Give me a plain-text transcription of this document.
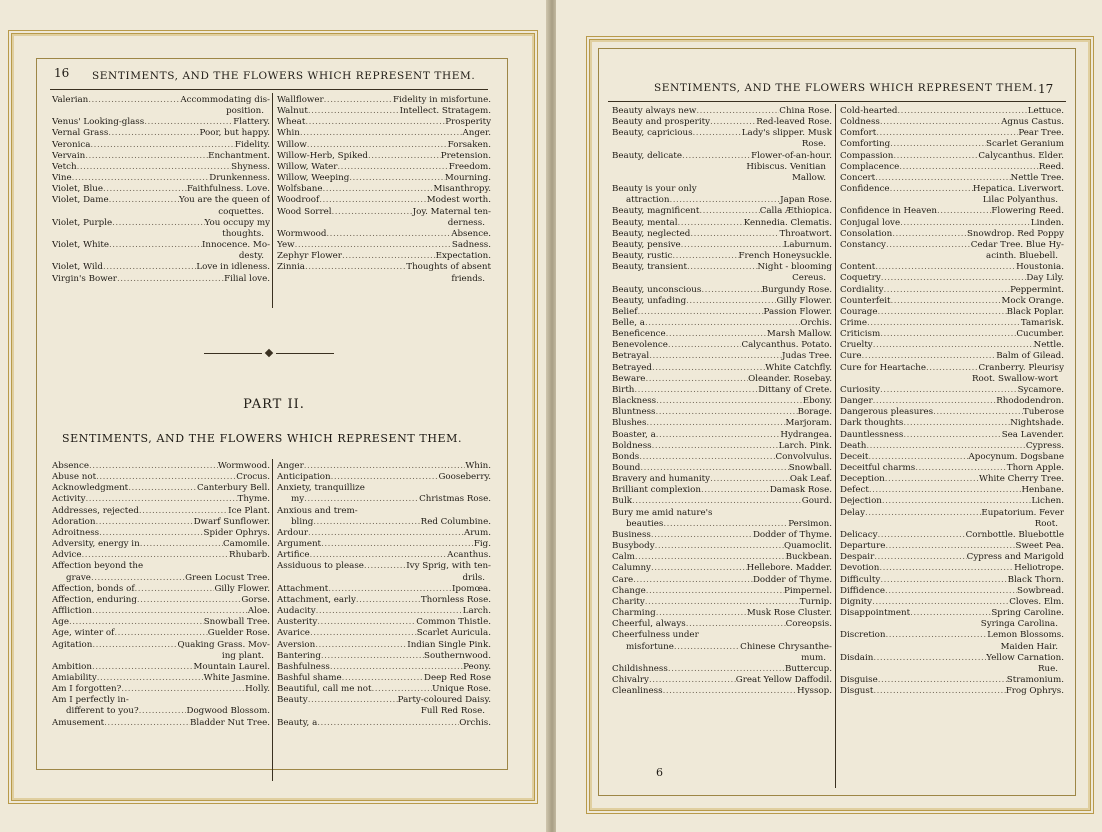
16 SENTIMENTS, AND THE FLOWERS WHICH REPRESENT THEM.
Valerian .....	Accommodating dis-
position.
Venus' Looking-glass .....	Flattery.
Vernal Grass .....	Poor, but happy.
Veronica .....	Fidelity.
Vervain .....	Enchantment.
Vetch .....	Shyness.
Vine .....	Drunkenness.
Violet, Blue .....	Faithfulness. Love.
Violet, Dame .....	You are the queen of
coquettes.
Violet, Purple .....	You occupy my
thoughts.
Violet, White .....	Innocence. Mo-
desty.
Violet, Wild .....	Love in idleness.
Virgin's Bower .....	Filial love.
Wallflower .....	Fidelity in misfortune.
Walnut .....	Intellect. Stratagem.
Wheat .....	Prosperity
Whin .....	Anger.
Willow .....	Forsaken.
Willow-Herb, Spiked .....	Pretension.
Willow, Water .....	Freedom.
Willow, Weeping .....	Mourning.
Wolfsbane .....	Misanthropy.
Woodroof .....	Modest worth.
Wood Sorrel .....	Joy. Maternal ten-
derness.
Wormwood .....	Absence.
Yew .....	Sadness.
Zephyr Flower .....	Expectation.
Zinnia .....	Thoughts of absent
friends.
PART II.
SENTIMENTS, AND THE FLOWERS WHICH REPRESENT THEM.
Absence .....	Wormwood.
Abuse not .....	Crocus.
Acknowledgment .....	Canterbury Bell.
Activity .....	Thyme.
Addresses, rejected .....	Ice Plant.
Adoration .....	Dwarf Sunflower.
Adroitness .....	Spider Ophrys.
Adversity, energy in .....	Camomile.
Advice .....	Rhubarb.
Affection beyond the
grave .....	Green Locust Tree.
Affection, bonds of .....	Gilly Flower.
Affection, enduring .....	Gorse.
Affliction .....	Aloe.
Age .....	Snowball Tree.
Age, winter of .....	Guelder Rose.
Agitation .....	Quaking Grass. Mov-
ing plant.
Ambition .....	Mountain Laurel.
Amiability .....	White Jasmine.
Am I forgotten? .....	Holly.
Am I perfectly in-
different to you? .....	Dogwood Blossom.
Amusement .....	Bladder Nut Tree.
Anger .....	Whin.
Anticipation .....	Gooseberry.
Anxiety, tranquillize
my .....	Christmas Rose.
Anxious and trem-
bling .....	Red Columbine.
Ardour .....	Arum.
Argument .....	Fig.
Artifice .....	Acanthus.
Assiduous to please .....	Ivy Sprig, with ten-
drils.
Attachment .....	Ipomœa.
Attachment, early .....	Thornless Rose.
Audacity .....	Larch.
Austerity .....	Common Thistle.
Avarice .....	Scarlet Auricula.
Aversion .....	Indian Single Pink.
Bantering .....	Southernwood.
Bashfulness .....	Peony.
Bashful shame .....	Deep Red Rose
Beautiful, call me not .....	Unique Rose.
Beauty .....	Party-coloured Daisy.
Full Red Rose.
Beauty, a .....	Orchis.
SENTIMENTS, AND THE FLOWERS WHICH REPRESENT THEM. 17
Beauty always new .....	China Rose.
Beauty and prosperity .....	Red-leaved Rose.
Beauty, capricious .....	Lady's slipper. Musk
Rose.
Beauty, delicate .....	Flower-of-an-hour.
Hibiscus. Venitian
Mallow.
Beauty is your only
attraction .....	Japan Rose.
Beauty, magnificent .....	Calla Æthiopica.
Beauty, mental .....	Kennedia. Clematis.
Beauty, neglected .....	Throatwort.
Beauty, pensive .....	Laburnum.
Beauty, rustic .....	French Honeysuckle.
Beauty, transient .....	Night - blooming
Cereus.
Beauty, unconscious .....	Burgundy Rose.
Beauty, unfading .....	Gilly Flower.
Belief .....	Passion Flower.
Belle, a .....	Orchis.
Beneficence .....	Marsh Mallow.
Benevolence .....	Calycanthus. Potato.
Betrayal .....	Judas Tree.
Betrayed .....	White Catchfly.
Beware .....	Oleander. Rosebay.
Birth .....	Dittany of Crete.
Blackness .....	Ebony.
Bluntness .....	Borage.
Blushes .....	Marjoram.
Boaster, a .....	Hydrangea.
Boldness .....	Larch. Pink.
Bonds .....	Convolvulus.
Bound .....	Snowball.
Bravery and humanity .....	Oak Leaf.
Brilliant complexion .....	Damask Rose.
Bulk .....	Gourd.
Bury me amid nature's
beauties .....	Persimon.
Business .....	Dodder of Thyme.
Busybody .....	Quamoclit.
Calm .....	Buckbean.
Calumny .....	Hellebore. Madder.
Care .....	Dodder of Thyme.
Change .....	Pimpernel.
Charity .....	Turnip.
Charming .....	Musk Rose Cluster.
Cheerful, always .....	Coreopsis.
Cheerfulness under
misfortune .....	Chinese Chrysanthe-
mum.
Childishness .....	Buttercup.
Chivalry .....	Great Yellow Daffodil.
Cleanliness .....	Hyssop.
Cold-hearted .....	Lettuce.
Coldness .....	Agnus Castus.
Comfort .....	Pear Tree.
Comforting .....	Scarlet Geranium
Compassion .....	Calycanthus. Elder.
Complacence .....	Reed.
Concert .....	Nettle Tree.
Confidence .....	Hepatica. Liverwort.
Lilac Polyanthus.
Confidence in Heaven .....	Flowering Reed.
Conjugal love .....	Linden.
Consolation .....	Snowdrop. Red Poppy
Constancy .....	Cedar Tree. Blue Hy-
acinth. Bluebell.
Content .....	Houstonia.
Coquetry .....	Day Lily.
Cordiality .....	Peppermint.
Counterfeit .....	Mock Orange.
Courage .....	Black Poplar.
Crime .....	Tamarisk.
Criticism .....	Cucumber.
Cruelty .....	Nettle.
Cure .....	Balm of Gilead.
Cure for Heartache .....	Cranberry. Pleurisy
Root. Swallow-wort
Curiosity .....	Sycamore.
Danger .....	Rhododendron.
Dangerous pleasures .....	Tuberose
Dark thoughts .....	Nightshade.
Dauntlessness .....	Sea Lavender.
Death .....	Cypress.
Deceit .....	Apocynum. Dogsbane
Deceitful charms .....	Thorn Apple.
Deception .....	White Cherry Tree.
Defect .....	Henbane.
Dejection .....	Lichen.
Delay .....	Eupatorium. Fever
Root.
Delicacy .....	Cornbottle. Bluebottle
Departure .....	Sweet Pea.
Despair .....	Cypress and Marigold
Devotion .....	Heliotrope.
Difficulty .....	Black Thorn.
Diffidence .....	Sowbread.
Dignity .....	Cloves. Elm.
Disappointment .....	Spring Caroline.
Syringa Carolina.
Discretion .....	Lemon Blossoms.
Maiden Hair.
Disdain .....	Yellow Carnation.
Rue.
Disguise .....	Stramonium.
Disgust .....	Frog Ophrys.
6
